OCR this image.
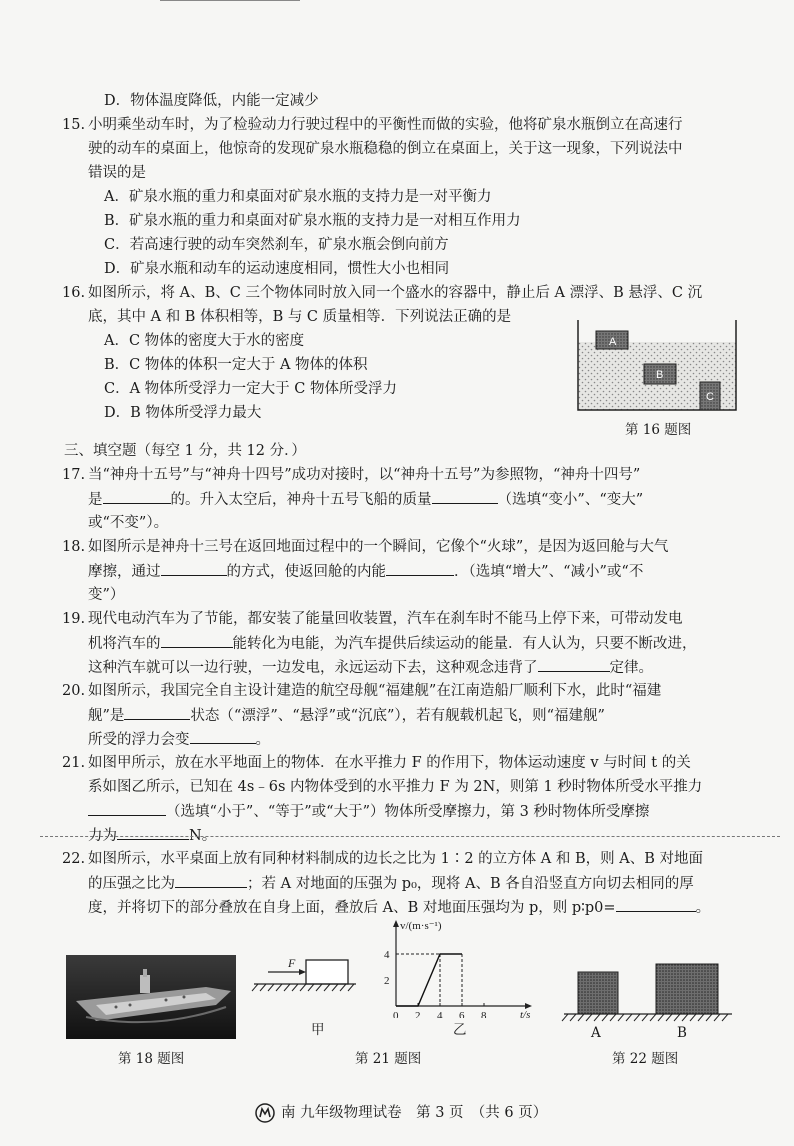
D．物体温度降低，内能一定减少
15. 小明乘坐动车时，为了检验动力行驶过程中的平衡性而做的实验，他将矿泉水瓶倒立在高速行
驶的动车的桌面上，他惊奇的发现矿泉水瓶稳稳的倒立在桌面上，关于这一现象，下列说法中
错误的是
A．矿泉水瓶的重力和桌面对矿泉水瓶的支持力是一对平衡力
B．矿泉水瓶的重力和桌面对矿泉水瓶的支持力是一对相互作用力
C．若高速行驶的动车突然刹车，矿泉水瓶会倒向前方
D．矿泉水瓶和动车的运动速度相同，惯性大小也相同
16. 如图所示，将 A、B、C 三个物体同时放入同一个盛水的容器中，静止后 A 漂浮、B 悬浮、C 沉
底，其中 A 和 B 体积相等，B 与 C 质量相等．下列说法正确的是
A．C 物体的密度大于水的密度
B．C 物体的体积一定大于 A 物体的体积
C．A 物体所受浮力一定大于 C 物体所受浮力
D．B 物体所受浮力最大
A
B
C
第 16 题图
三、填空题（每空 1 分，共 12 分．）
17. 当“神舟十五号”与“神舟十四号”成功对接时，以“神舟十五号”为参照物，“神舟十四号”
是	的。升入太空后，神舟十五号飞船的质量	（选填“变小”、“变大”
或“不变”）。
18. 如图所示是神舟十三号在返回地面过程中的一个瞬间，它像个“火球”，是因为返回舱与大气
摩擦，通过	的方式，使返回舱的内能	．（选填“增大”、“减小”或“不
变”）
19. 现代电动汽车为了节能，都安装了能量回收装置，汽车在刹车时不能马上停下来，可带动发电
机将汽车的	能转化为电能，为汽车提供后续运动的能量．有人认为，只要不断改进，
这种汽车就可以一边行驶，一边发电，永远运动下去，这种观念违背了	定律。
20. 如图所示，我国完全自主设计建造的航空母舰“福建舰”在江南造船厂顺利下水，此时“福建
舰”是	状态（“漂浮”、“悬浮”或“沉底”），若有舰载机起飞，则“福建舰”
所受的浮力会变	。
21. 如图甲所示，放在水平地面上的物体．在水平推力 F 的作用下，物体运动速度 v 与时间 t 的关
系如图乙所示，已知在 4s﹣6s 内物体受到的水平推力 F 为 2N，则第 1 秒时物体所受水平推力
（选填“小于”、“等于”或“大于”）物体所受摩擦力，第 3 秒时物体所受摩擦
力为	N。
22. 如图所示，水平桌面上放有同种材料制成的边长之比为 1∶2 的立方体 A 和 B，则 A、B 对地面
的压强之比为	；若 A 对地面的压强为 p₀，现将 A、B 各自沿竖直方向切去相同的厚
度，并将切下的部分叠放在自身上面，叠放后 A、B 对地面压强均为 p，则 p∶p0=	。
第 18 题图
F
甲
v/(m·s⁻¹)
t/s
0 2 4 6 8
4
2
乙
第 21 题图
A	B
第 22 题图
南 九年级物理试卷　第 3 页　（共 6 页）
